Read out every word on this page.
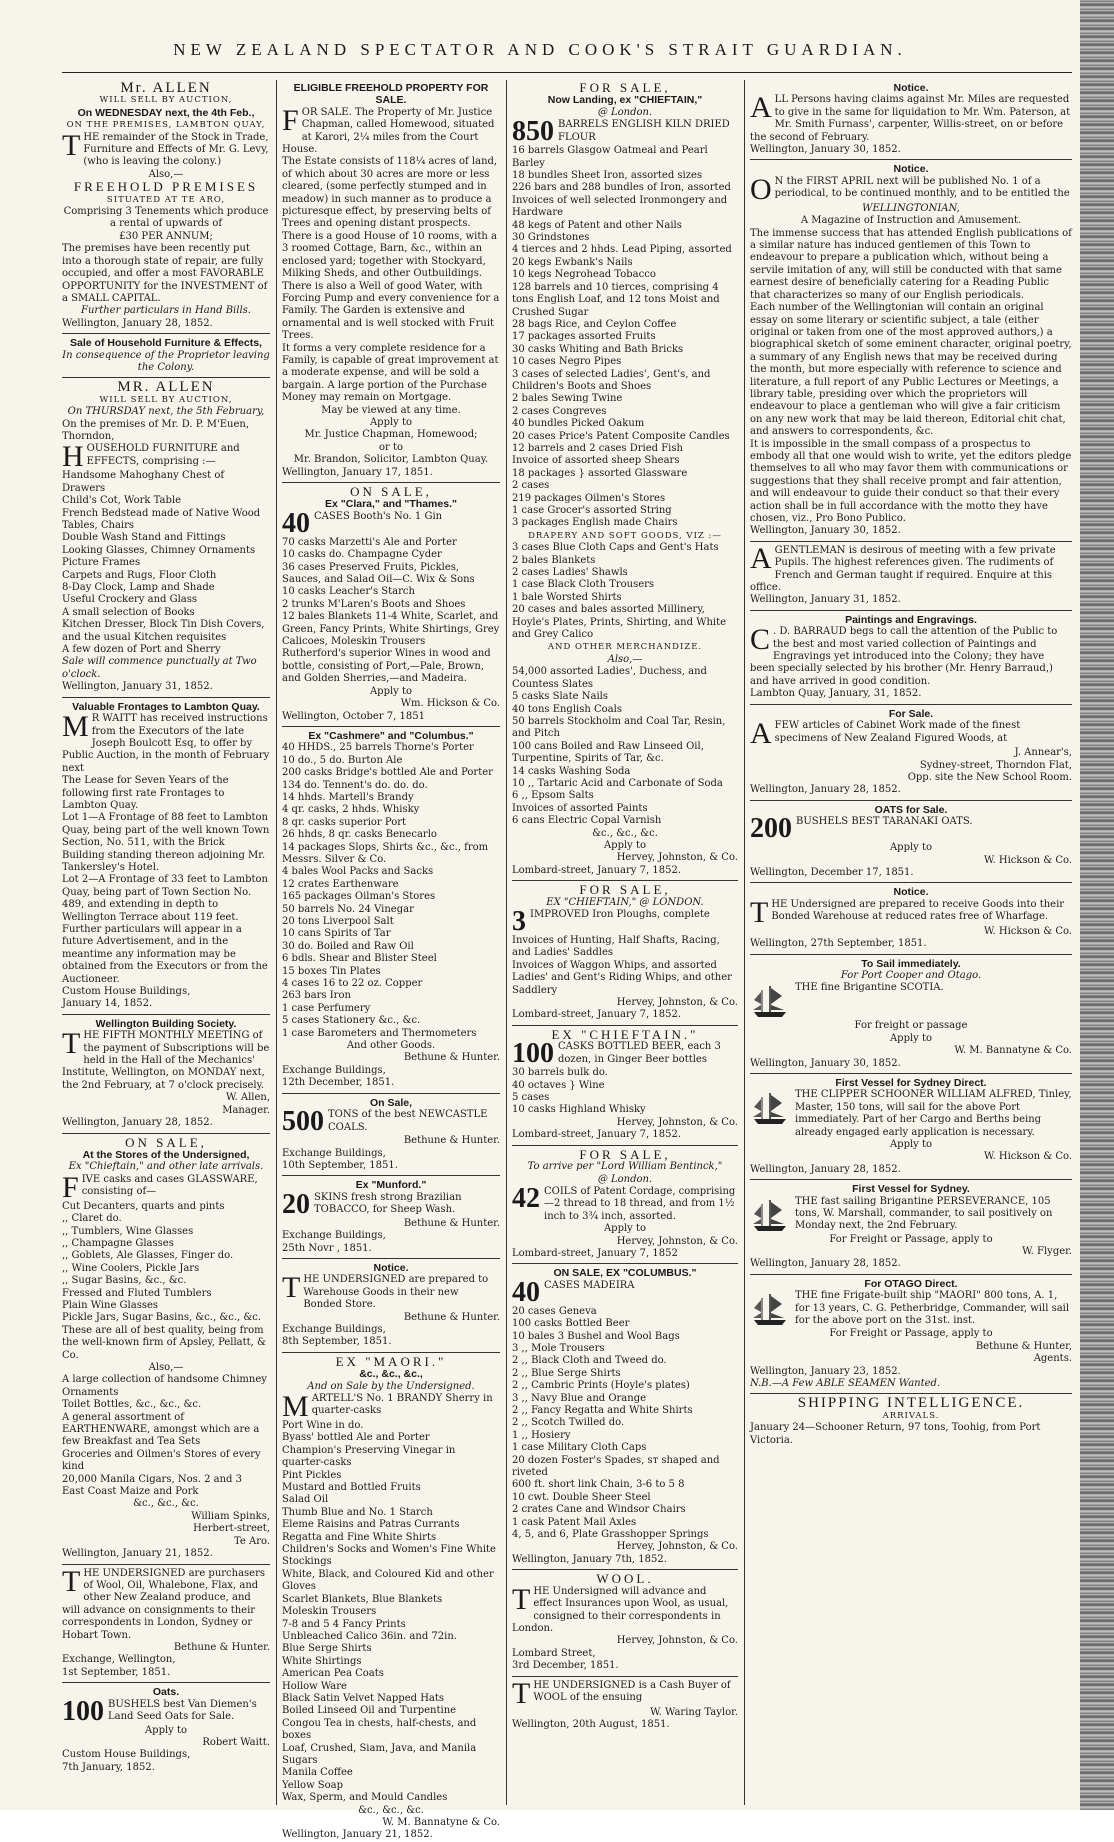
NEW ZEALAND SPECTATOR AND COOK'S STRAIT GUARDIAN.
Mr. ALLEN

WILL SELL BY AUCTION,

On WEDNESDAY next, the 4th Feb.,

ON THE PREMISES, LAMBTON QUAY,

THE remainder of the Stock in Trade, Furniture and Effects of Mr. G. Levy, (who is leaving the colony.)

Also,—

FREEHOLD PREMISES

SITUATED AT TE ARO,

Comprising 3 Tenements which produce a rental of upwards of

£30 PER ANNUM;

The premises have been recently put into a thorough state of repair, are fully occupied, and offer a most FAVORABLE OPPORTUNITY for the INVESTMENT of a SMALL CAPITAL.

Further particulars in Hand Bills.

Wellington, January 28, 1852.

Sale of Household Furniture & Effects,

In consequence of the Proprietor leaving the Colony.

MR. ALLEN

WILL SELL BY AUCTION,

On THURSDAY next, the 5th February,

On the premises of Mr. D. P. M'Euen, Thorndon,

HOUSEHOLD FURNITURE and EFFECTS, comprising :—

Handsome Mahoghany Chest of Drawers

Child's Cot, Work Table

French Bedstead made of Native Wood

Tables, Chairs

Double Wash Stand and Fittings

Looking Glasses, Chimney Ornaments

Picture Frames

Carpets and Rugs, Floor Cloth

8-Day Clock, Lamp and Shade

Useful Crockery and Glass

A small selection of Books

Kitchen Dresser, Block Tin Dish Covers, and the usual Kitchen requisites

A few dozen of Port and Sherry

Sale will commence punctually at Two o'clock.

Wellington, January 31, 1852.

Valuable Frontages to Lambton Quay.

M R WAITT has received instructions from the Executors of the late Joseph Boulcott Esq, to offer by Public Auction, in the month of February next

The Lease for Seven Years of the following first rate Frontages to Lambton Quay.

Lot 1—A Frontage of 88 feet to Lambton Quay, being part of the well known Town Section, No. 511, with the Brick Building standing thereon adjoining Mr. Tankersley's Hotel.

Lot 2—A Frontage of 33 feet to Lambton Quay, being part of Town Section No. 489, and extending in depth to Wellington Terrace about 119 feet.

Further particulars will appear in a future Advertisement, and in the meantime any information may be obtained from the Executors or from the Auctioneer.

Custom House Buildings,

January 14, 1852.

Wellington Building Society.

THE FIFTH MONTHLY MEETING of the payment of Subscriptions will be held in the Hall of the Mechanics' Institute, Wellington, on MONDAY next, the 2nd February, at 7 o'clock precisely.

W. Allen,

Manager.

Wellington, January 28, 1852.

ON SALE,

At the Stores of the Undersigned,

Ex "Chieftain," and other late arrivals.

FIVE casks and cases GLASSWARE, consisting of—

Cut Decanters, quarts and pints

,, Claret do.

,, Tumblers, Wine Glasses

,, Champagne Glasses

,, Goblets, Ale Glasses, Finger do.

,, Wine Coolers, Pickle Jars

,, Sugar Basins, &c., &c.

Fressed and Fluted Tumblers

Plain Wine Glasses

Pickle Jars, Sugar Basins, &c., &c., &c.

These are all of best quality, being from the well-known firm of Apsley, Pellatt, & Co.

Also,—

A large collection of handsome Chimney Ornaments

Toilet Bottles, &c., &c., &c.

A general assortment of EARTHENWARE, amongst which are a few Breakfast and Tea Sets

Groceries and Oilmen's Stores of every kind

20,000 Manila Cigars, Nos. 2 and 3

East Coast Maize and Pork

&c., &c., &c.

William Spinks,

Herbert-street,

Te Aro.

Wellington, January 21, 1852.

THE UNDERSIGNED are purchasers of Wool, Oil, Whalebone, Flax, and other New Zealand produce, and will advance on consignments to their correspondents in London, Sydney or Hobart Town.

Bethune & Hunter.

Exchange, Wellington,

1st September, 1851.

Oats.

100 BUSHELS best Van Diemen's Land Seed Oats for Sale.

Apply to

Robert Waitt.

Custom House Buildings,

7th January, 1852.

ELIGIBLE FREEHOLD PROPERTY FOR SALE.

FOR SALE. The Property of Mr. Justice Chapman, called Homewood, situated at Karori, 2¼ miles from the Court House.

The Estate consists of 118¼ acres of land, of which about 30 acres are more or less cleared, (some perfectly stumped and in meadow) in such manner as to produce a picturesque effect, by preserving belts of Trees and opening distant prospects.

There is a good House of 10 rooms, with a 3 roomed Cottage, Barn, &c., within an enclosed yard; together with Stockyard, Milking Sheds, and other Outbuildings. There is also a Well of good Water, with Forcing Pump and every convenience for a Family. The Garden is extensive and ornamental and is well stocked with Fruit Trees.

It forms a very complete residence for a Family, is capable of great improvement at a moderate expense, and will be sold a bargain. A large portion of the Purchase Money may remain on Mortgage.

May be viewed at any time.

Apply to

Mr. Justice Chapman, Homewood;

or to

Mr. Brandon, Solicitor, Lambton Quay.

Wellington, January 17, 1851.

ON SALE,

Ex "Clara," and "Thames."

40 CASES Booth's No. 1 Gin

70 casks Marzetti's Ale and Porter

10 casks do. Champagne Cyder

36 cases Preserved Fruits, Pickles, Sauces, and Salad Oil—C. Wix & Sons

10 casks Leacher's Starch

2 trunks M'Laren's Boots and Shoes

12 bales Blankets 11-4 White, Scarlet, and Green, Fancy Prints, White Shirtings, Grey Calicoes, Moleskin Trousers

Rutherford's superior Wines in wood and bottle, consisting of Port,—Pale, Brown, and Golden Sherries,—and Madeira.

Apply to

Wm. Hickson & Co.

Wellington, October 7, 1851

Ex "Cashmere" and "Columbus."

40 HHDS., 25 barrels Thorne's Porter

10 do., 5 do. Burton Ale

200 casks Bridge's bottled Ale and Porter

134 do. Tennent's do. do. do.

14 hhds. Martell's Brandy

4 qr. casks, 2 hhds. Whisky

8 qr. casks superior Port

26 hhds, 8 qr. casks Benecarlo

14 packages Slops, Shirts &c., &c., from Messrs. Silver & Co.

4 bales Wool Packs and Sacks

12 crates Earthenware

165 packages Oilman's Stores

50 barrels No. 24 Vinegar

20 tons Liverpool Salt

10 cans Spirits of Tar

30 do. Boiled and Raw Oil

6 bdls. Shear and Blister Steel

15 boxes Tin Plates

4 cases 16 to 22 oz. Copper

263 bars Iron

1 case Perfumery

5 cases Stationery &c., &c.

1 case Barometers and Thermometers

And other Goods.

Bethune & Hunter.

Exchange Buildings,

12th December, 1851.

On Sale,

500 TONS of the best NEWCASTLE COALS.

Bethune & Hunter.

Exchange Buildings,

10th September, 1851.

Ex "Munford."

20 SKINS fresh strong Brazilian TOBACCO, for Sheep Wash.

Bethune & Hunter.

Exchange Buildings,

25th Novr , 1851.

Notice.

THE UNDERSIGNED are prepared to Warehouse Goods in their new Bonded Store.

Bethune & Hunter.

Exchange Buildings,

8th September, 1851.

EX "MAORI."

&c., &c., &c.,

And on Sale by the Undersigned.

MARTELL'S No. 1 BRANDY Sherry in quarter-casks

Port Wine in do.

Byass' bottled Ale and Porter

Champion's Preserving Vinegar in quarter-casks

Pint Pickles

Mustard and Bottled Fruits

Salad Oil

Thumb Blue and No. 1 Starch

Eleme Raisins and Patras Currants

Regatta and Fine White Shirts

Children's Socks and Women's Fine White Stockings

White, Black, and Coloured Kid and other Gloves

Scarlet Blankets, Blue Blankets

Moleskin Trousers

7-8 and 5 4 Fancy Prints

Unbleached Calico 36in. and 72in.

Blue Serge Shirts

White Shirtings

American Pea Coats

Hollow Ware

Black Satin Velvet Napped Hats

Boiled Linseed Oil and Turpentine

Congou Tea in chests, half-chests, and boxes

Loaf, Crushed, Siam, Java, and Manila Sugars

Manila Coffee

Yellow Soap

Wax, Sperm, and Mould Candles

&c., &c., &c.

W. M. Bannatyne & Co.

Wellington, January 21, 1852.

FOR SALE,

Now Landing, ex "CHIEFTAIN,"

@ London.

850 BARRELS ENGLISH KILN DRIED FLOUR

16 barrels Glasgow Oatmeal and Pearl Barley

18 bundles Sheet Iron, assorted sizes

226 bars and 288 bundles of Iron, assorted

Invoices of well selected Ironmongery and Hardware

48 kegs of Patent and other Nails

30 Grindstones

4 tierces and 2 hhds. Lead Piping, assorted

20 kegs Ewbank's Nails

10 kegs Negrohead Tobacco

128 barrels and 10 tierces, comprising 4 tons English Loaf, and 12 tons Moist and Crushed Sugar

28 bags Rice, and Ceylon Coffee

17 packages assorted Fruits

30 casks Whiting and Bath Bricks

10 cases Negro Pipes

3 cases of selected Ladies', Gent's, and Children's Boots and Shoes

2 bales Sewing Twine

2 cases Congreves

40 bundles Picked Oakum

20 cases Price's Patent Composite Candles

12 barrels and 2 cases Dried Fish

Invoice of assorted sheep Shears

18 packages } assorted Glassware

2 cases

219 packages Oilmen's Stores

1 case Grocer's assorted String

3 packages English made Chairs

DRAPERY AND SOFT GOODS, VIZ :—

3 cases Blue Cloth Caps and Gent's Hats

2 bales Blankets

2 cases Ladies' Shawls

1 case Black Cloth Trousers

1 bale Worsted Shirts

20 cases and bales assorted Millinery, Hoyle's Plates, Prints, Shirting, and White and Grey Calico

AND OTHER MERCHANDIZE.

Also,—

54,000 assorted Ladies', Duchess, and Countess Slates

5 casks Slate Nails

40 tons English Coals

50 barrels Stockholm and Coal Tar, Resin, and Pitch

100 cans Boiled and Raw Linseed Oil, Turpentine, Spirits of Tar, &c.

14 casks Washing Soda

10 ,, Tartaric Acid and Carbonate of Soda

6 ,, Epsom Salts

Invoices of assorted Paints

6 cans Electric Copal Varnish

&c., &c., &c.

Apply to

Hervey, Johnston, & Co.

Lombard-street, January 7, 1852.

FOR SALE,

EX "CHIEFTAIN," @ LONDON.

3 IMPROVED Iron Ploughs, complete

Invoices of Hunting, Half Shafts, Racing, and Ladies' Saddles

Invoices of Waggon Whips, and assorted Ladies' and Gent's Riding Whips, and other Saddlery

Hervey, Johnston, & Co.

Lombard-street, January 7, 1852.

EX "CHIEFTAIN."

100 CASKS BOTTLED BEER, each 3 dozen, in Ginger Beer bottles

30 barrels bulk do.

40 octaves } Wine

5 cases

10 casks Highland Whisky

Hervey, Johnston, & Co.

Lombard-street, January 7, 1852.

FOR SALE,

To arrive per "Lord William Bentinck,"

@ London.

42 COILS of Patent Cordage, comprising—2 thread to 18 thread, and from 1½ inch to 3¾ inch, assorted.

Apply to

Hervey, Johnston, & Co.

Lombard-street, January 7, 1852

ON SALE, EX "COLUMBUS."

40 CASES MADEIRA

20 cases Geneva

100 casks Bottled Beer

10 bales 3 Bushel and Wool Bags

3 ,, Mole Trousers

2 ,, Black Cloth and Tweed do.

2 ,, Blue Serge Shirts

2 ,, Cambric Prints (Hoyle's plates)

3 ,, Navy Blue and Orange

2 ,, Fancy Regatta and White Shirts

2 ,, Scotch Twilled do.

1 ,, Hosiery

1 case Military Cloth Caps

20 dozen Foster's Spades, sт shaped and riveted

600 ft. short link Chain, 3-6 to 5 8

10 cwt. Double Sheer Steel

2 crates Cane and Windsor Chairs

1 cask Patent Mail Axles

4, 5, and 6, Plate Grasshopper Springs

Hervey, Johnston, & Co.

Wellington, January 7th, 1852.

WOOL.

THE Undersigned will advance and effect Insurances upon Wool, as usual, consigned to their correspondents in London.

Hervey, Johnston, & Co.

Lombard Street,

3rd December, 1851.

THE UNDERSIGNED is a Cash Buyer of WOOL of the ensuing

W. Waring Taylor.

Wellington, 20th August, 1851.

Notice.

ALL Persons having claims against Mr. Miles are requested to give in the same for liquidation to Mr. Wm. Paterson, at Mr. Smith Furnass', carpenter, Willis-street, on or before the second of February.

Wellington, January 30, 1852.

Notice.

O N the FIRST APRIL next will be published No. 1 of a periodical, to be continued monthly, and to be entitled the

WELLINGTONIAN,

A Magazine of Instruction and Amusement.

The immense success that has attended English publications of a similar nature has induced gentlemen of this Town to endeavour to prepare a publication which, without being a servile imitation of any, will still be conducted with that same earnest desire of beneficially catering for a Reading Public that characterizes so many of our English periodicals.

Each number of the Wellingtonian will contain an original essay on some literary or scientific subject, a tale (either original or taken from one of the most approved authors,) a biographical sketch of some eminent character, original poetry, a summary of any English news that may be received during the month, but more especially with reference to science and literature, a full report of any Public Lectures or Meetings, a library table, presiding over which the proprietors will endeavour to place a gentleman who will give a fair criticism on any new work that may be laid thereon, Editorial chit chat, and answers to correspondents, &c.

It is impossible in the small compass of a prospectus to embody all that one would wish to write, yet the editors pledge themselves to all who may favor them with communications or suggestions that they shall receive prompt and fair attention, and will endeavour to guide their conduct so that their every action shall be in full accordance with the motto they have chosen, viz., Pro Bono Publico.

Wellington, January 30, 1852.

A GENTLEMAN is desirous of meeting with a few private Pupils. The highest references given. The rudiments of French and German taught if required. Enquire at this office.

Wellington, January 31, 1852.

Paintings and Engravings.

C . D. BARRAUD begs to call the attention of the Public to the best and most varied collection of Paintings and Engravings yet introduced into the Colony; they have been specially selected by his brother (Mr. Henry Barraud,) and have arrived in good condition.

Lambton Quay, January, 31, 1852.

For Sale.

A FEW articles of Cabinet Work made of the finest specimens of New Zealand Figured Woods, at

J. Annear's,

Sydney-street, Thorndon Flat,

Opp. site the New School Room.

Wellington, January 28, 1852.

OATS for Sale.

200 BUSHELS BEST TARANAKI OATS.

Apply to

W. Hickson & Co.

Wellington, December 17, 1851.

Notice.

THE Undersigned are prepared to receive Goods into their Bonded Warehouse at reduced rates free of Wharfage.

W. Hickson & Co.

Wellington, 27th September, 1851.

To Sail immediately.

For Port Cooper and Otago.

THE fine Brigantine SCOTIA.

For freight or passage

Apply to

W. M. Bannatyne & Co.

Wellington, January 30, 1852.

First Vessel for Sydney Direct.

THE CLIPPER SCHOONER WILLIAM ALFRED, Tinley, Master, 150 tons, will sail for the above Port immediately. Part of her Cargo and Berths being already engaged early application is necessary.

Apply to

W. Hickson & Co.

Wellington, January 28, 1852.

First Vessel for Sydney.

THE fast sailing Brigantine PERSEVERANCE, 105 tons, W. Marshall, commander, to sail positively on Monday next, the 2nd February.

For Freight or Passage, apply to

W. Flyger.

Wellington, January 28, 1852.

For OTAGO Direct.

THE fine Frigate-built ship "MAORI" 800 tons, A. 1, for 13 years, C. G. Petherbridge, Commander, will sail for the above port on the 31st. inst.

For Freight or Passage, apply to

Bethune & Hunter,

Agents.

Wellington, January 23, 1852.

N.B.—A Few ABLE SEAMEN Wanted.

SHIPPING INTELLIGENCE.

ARRIVALS.

January 24—Schooner Return, 97 tons, Toohig, from Port Victoria.
